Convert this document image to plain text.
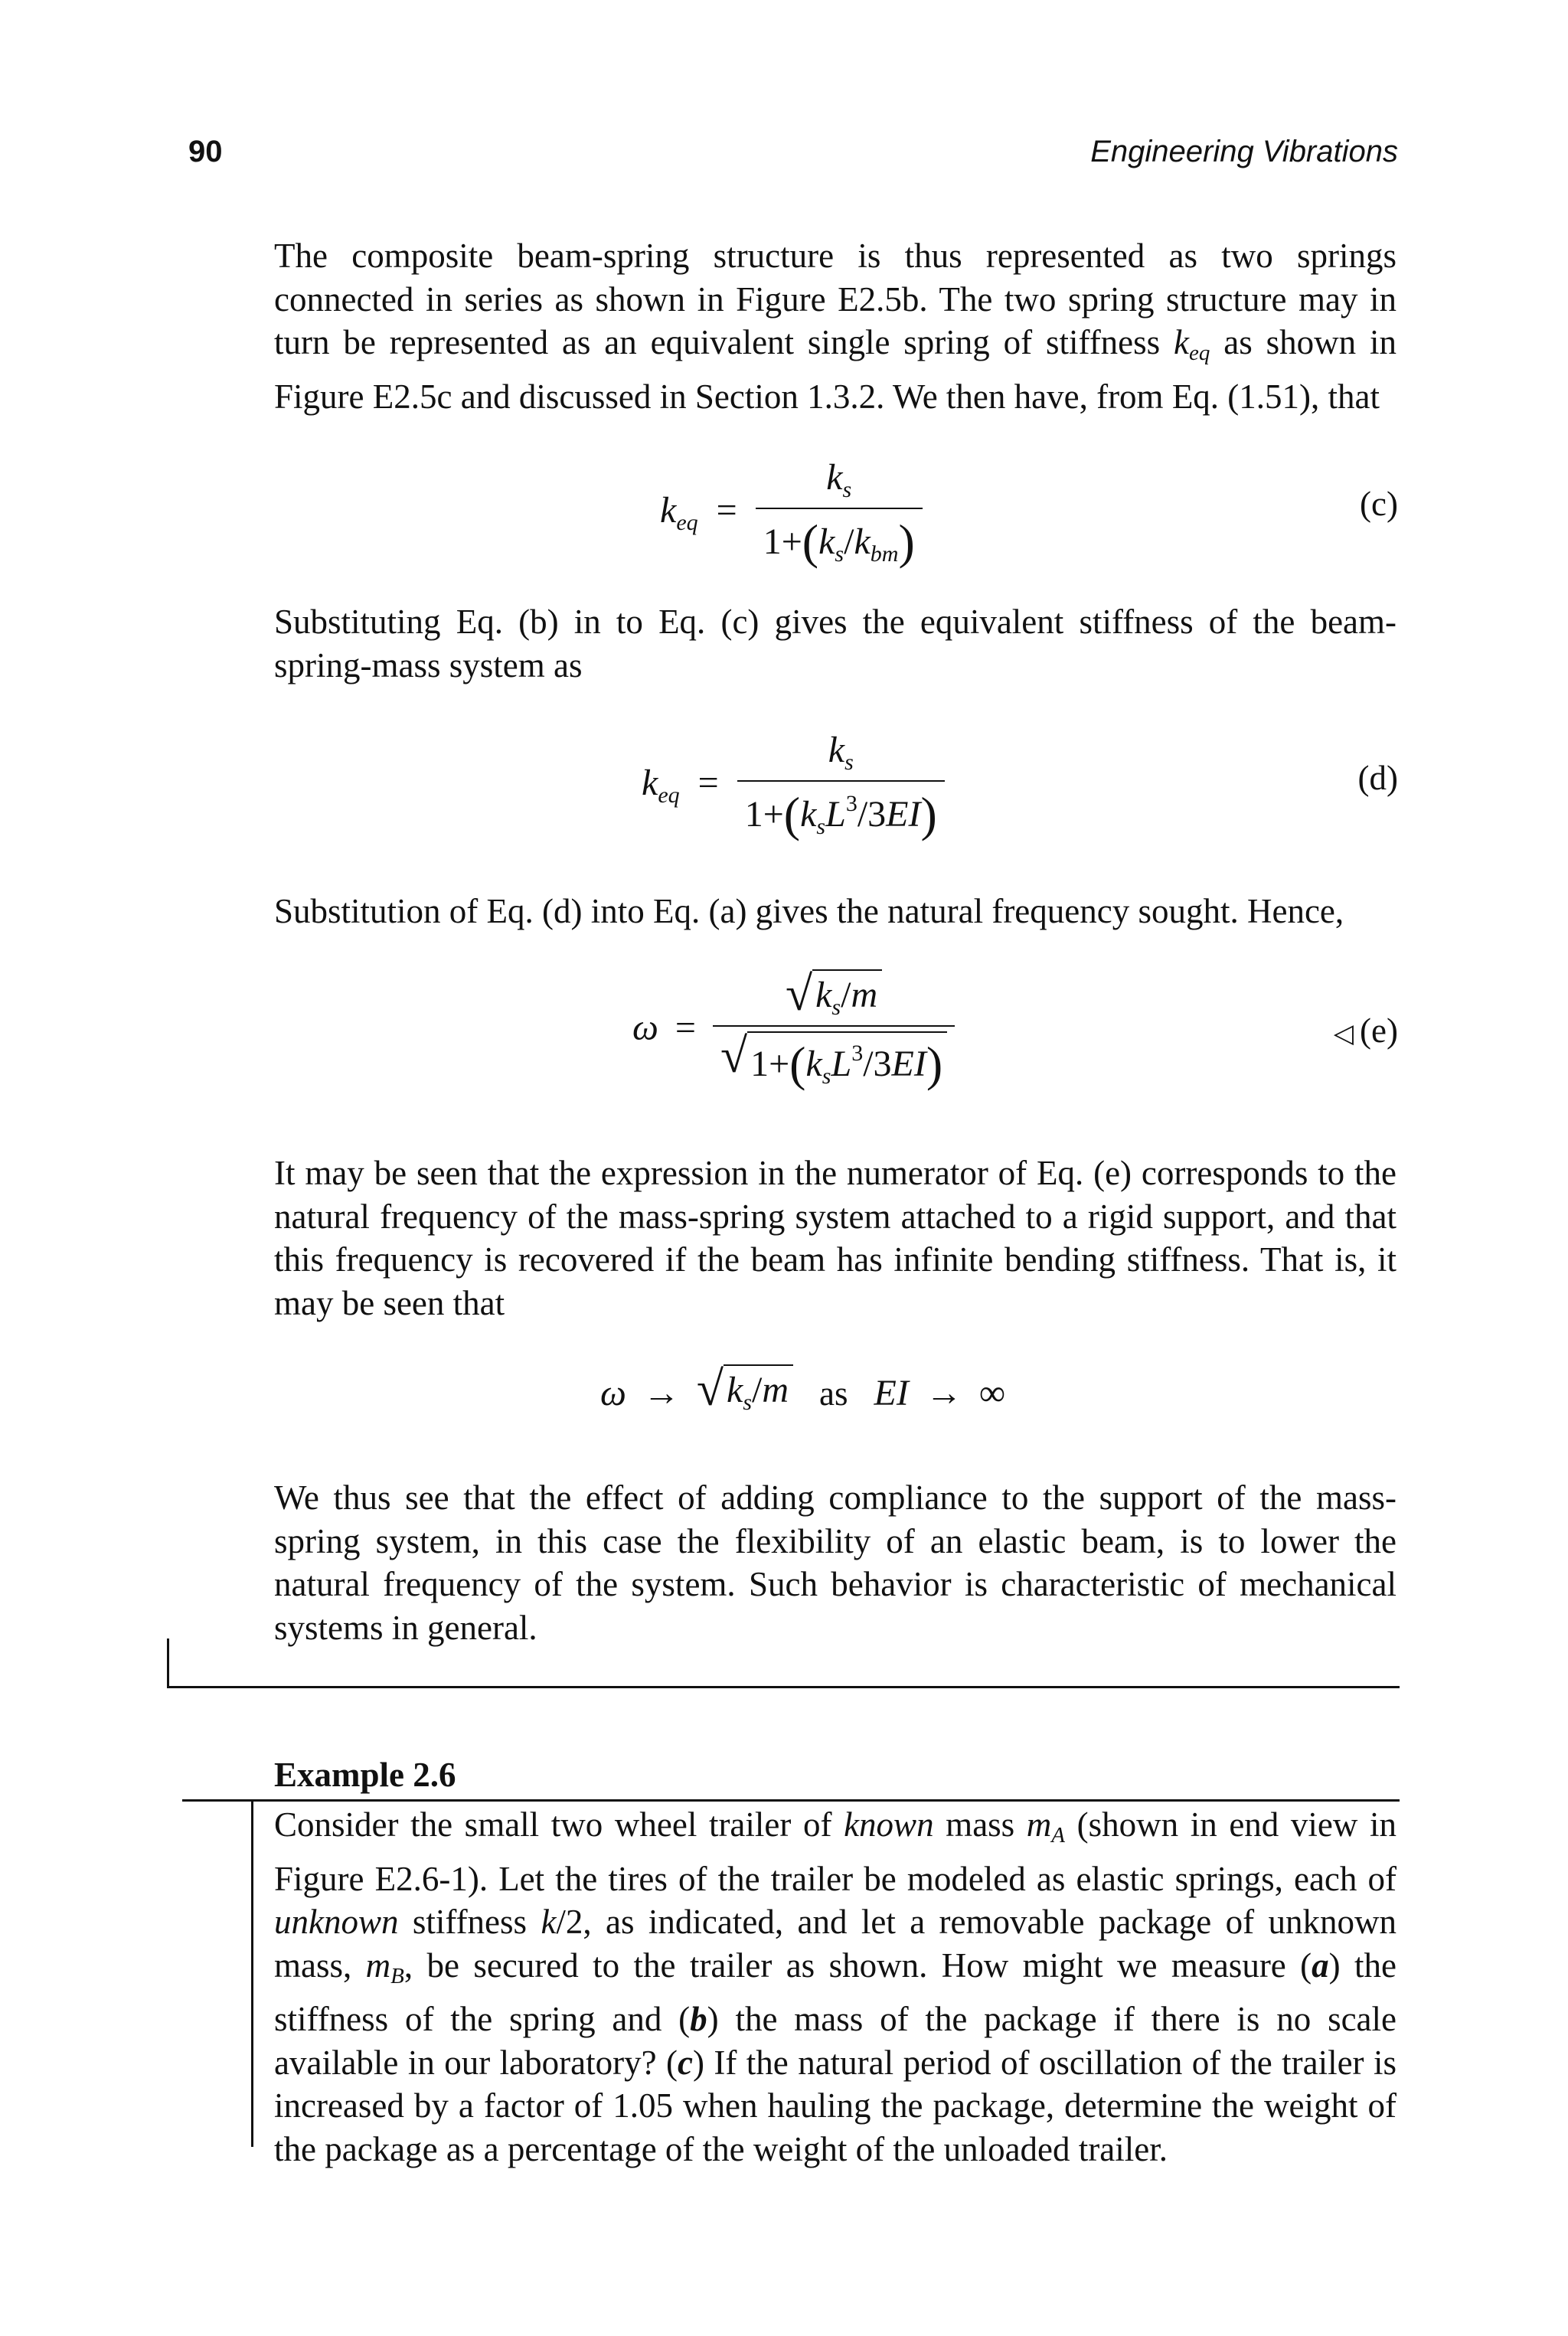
90	Engineering Vibrations

The composite beam-spring structure is thus represented as two springs connected in series as shown in Figure E2.5b. The two spring structure may in turn be represented as an equivalent single spring of stiffness $k_{eq}$ as shown in Figure E2.5c and discussed in Section 1.3.2. We then have, from Eq. (1.51), that

$k_{eq} = \frac{k_s}{1+(k_s/k_{bm})}$	(c)

Substituting Eq. (b) in to Eq. (c) gives the equivalent stiffness of the beam-spring-mass system as

$k_{eq} = \frac{k_s}{1+(k_sL^3/3EI)}$	(d)

Substitution of Eq. (d) into Eq. (a) gives the natural frequency sought. Hence,

$\omega = \frac{√ k_s/m}{√ 1+(k_sL^3/3EI)}$	◁ (e)

It may be seen that the expression in the numerator of Eq. (e) corresponds to the natural frequency of the mass-spring system attached to a rigid support, and that this frequency is recovered if the beam has infinite bending stiffness. That is, it may be seen that

ω → √ $k_s/m$ as EI → ∞

We thus see that the effect of adding compliance to the support of the mass-spring system, in this case the flexibility of an elastic beam, is to lower the natural frequency of the system. Such behavior is characteristic of mechanical systems in general.

Example 2.6

Consider the small two wheel trailer of known mass $m_A$ (shown in end view in Figure E2.6-1). Let the tires of the trailer be modeled as elastic springs, each of unknown stiffness k/2, as indicated, and let a removable package of unknown mass, $m_B$, be secured to the trailer as shown. How might we measure (a) the stiffness of the spring and (b) the mass of the package if there is no scale available in our laboratory? (c) If the natural period of oscillation of the trailer is increased by a factor of 1.05 when hauling the package, determine the weight of the package as a percentage of the weight of the unloaded trailer.
